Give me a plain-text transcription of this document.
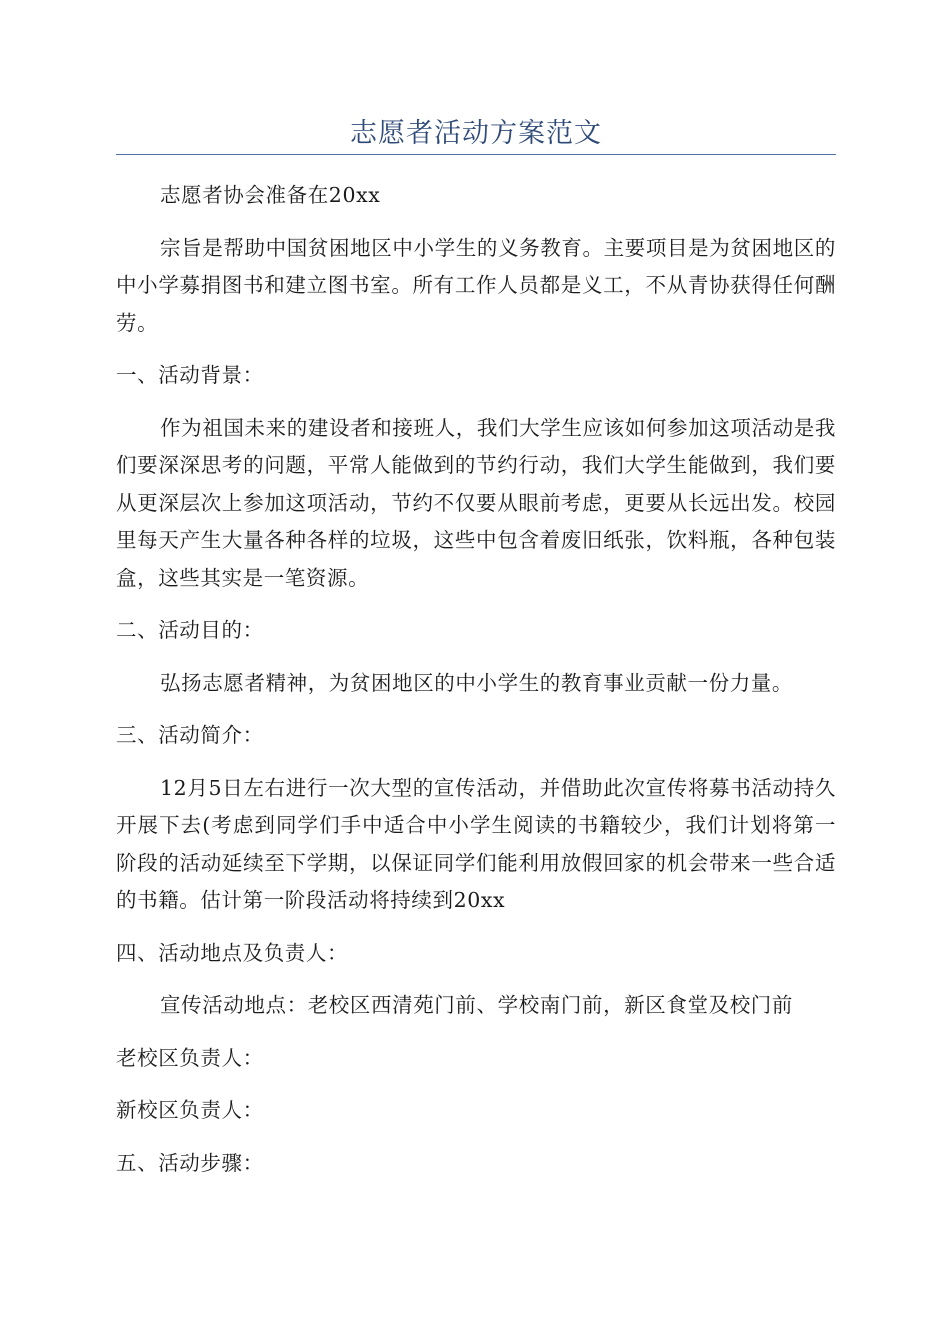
志愿者活动方案范文

志愿者协会准备在20xx

宗旨是帮助中国贫困地区中小学生的义务教育。主要项目是为贫困地区的中小学募捐图书和建立图书室。所有工作人员都是义工，不从青协获得任何酬劳。

一、活动背景：

作为祖国未来的建设者和接班人，我们大学生应该如何参加这项活动是我们要深深思考的问题，平常人能做到的节约行动，我们大学生能做到，我们要从更深层次上参加这项活动，节约不仅要从眼前考虑，更要从长远出发。校园里每天产生大量各种各样的垃圾，这些中包含着废旧纸张，饮料瓶，各种包装盒，这些其实是一笔资源。

二、活动目的：

弘扬志愿者精神，为贫困地区的中小学生的教育事业贡献一份力量。

三、活动简介：

12月5日左右进行一次大型的宣传活动，并借助此次宣传将募书活动持久开展下去(考虑到同学们手中适合中小学生阅读的书籍较少，我们计划将第一阶段的活动延续至下学期，以保证同学们能利用放假回家的机会带来一些合适的书籍。估计第一阶段活动将持续到20xx

四、活动地点及负责人：

宣传活动地点：老校区西清苑门前、学校南门前，新区食堂及校门前

老校区负责人：

新校区负责人：

五、活动步骤：
